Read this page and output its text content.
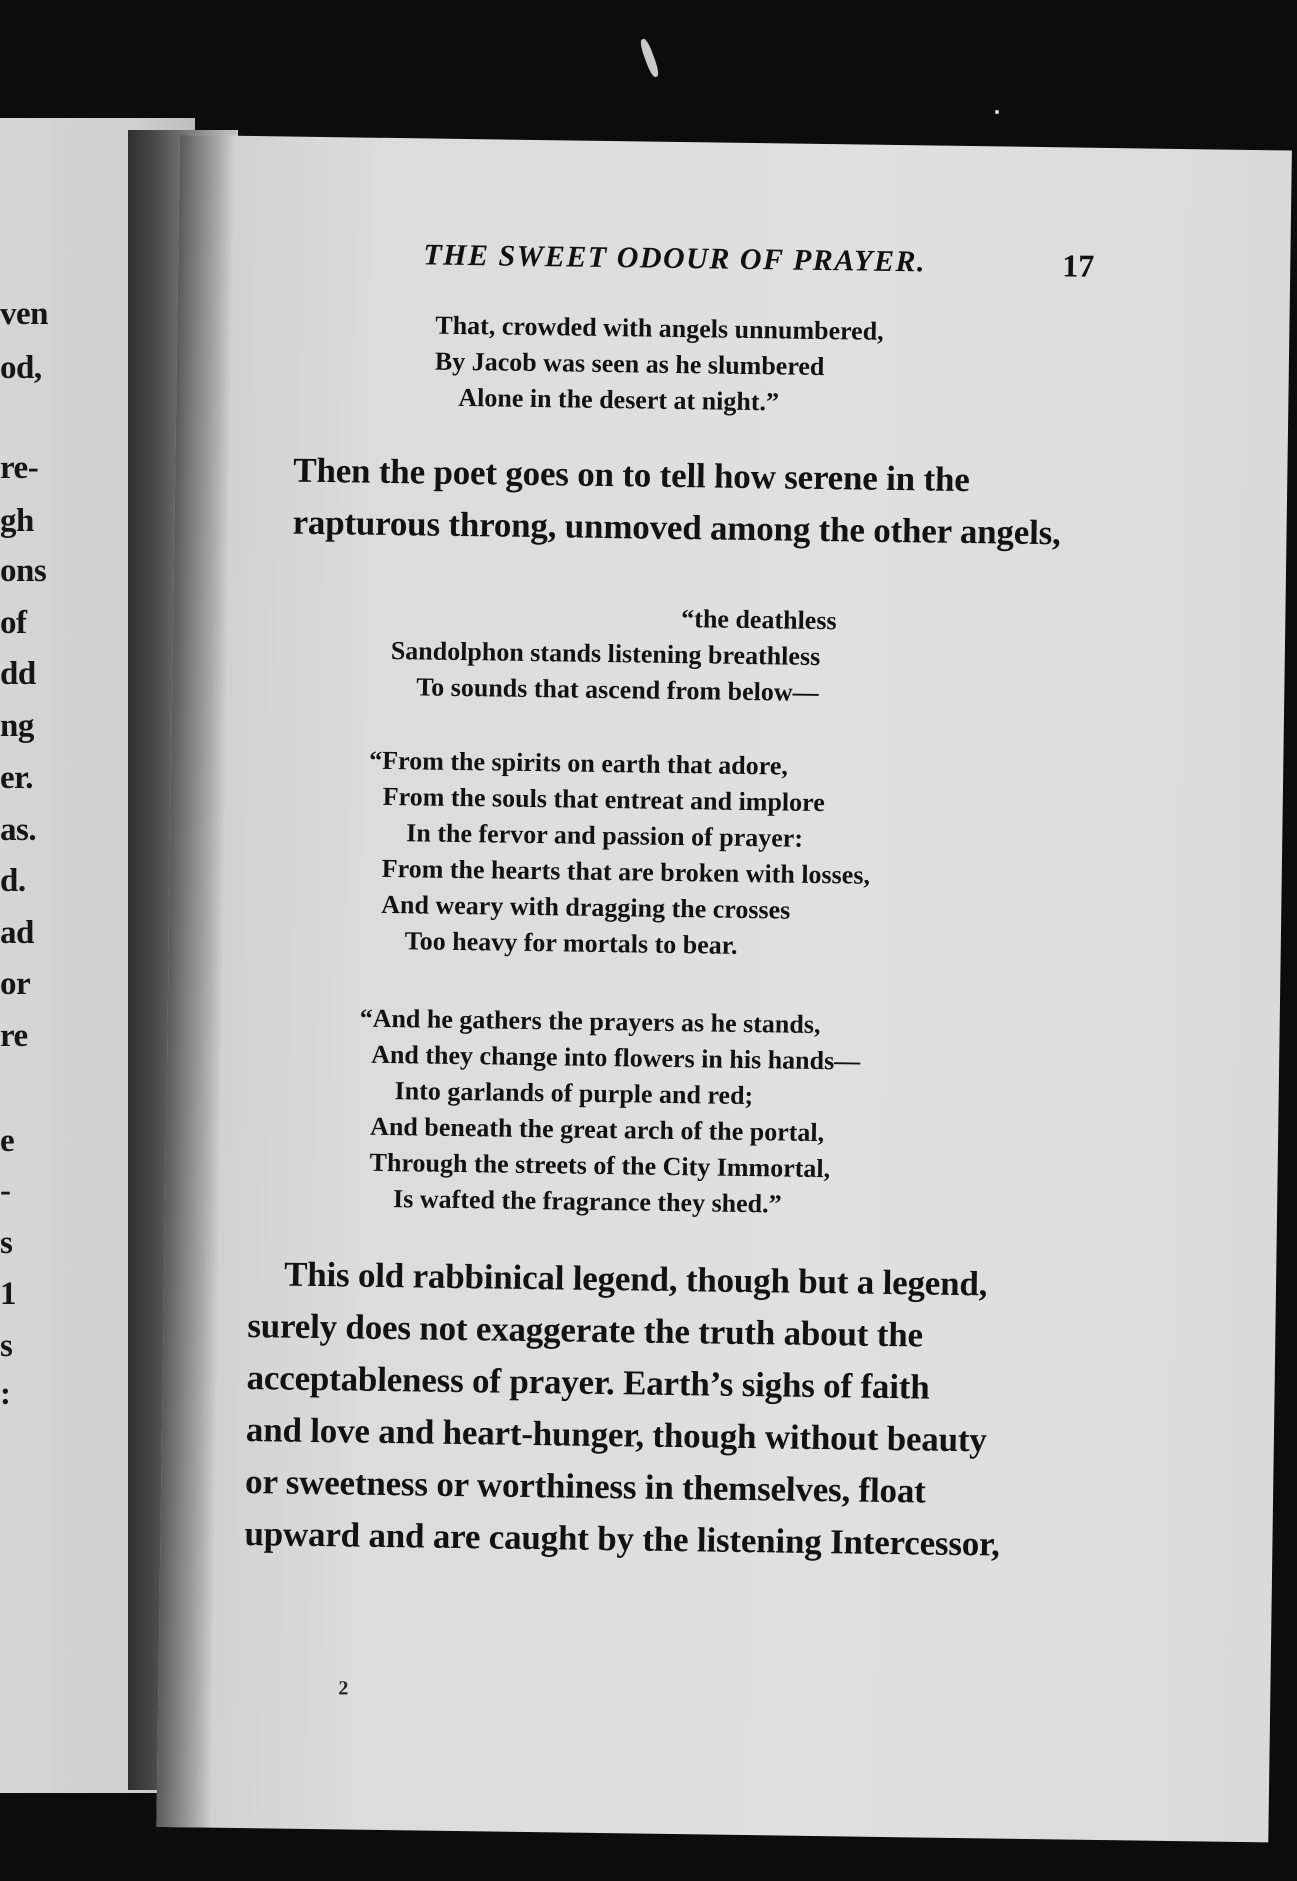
ven
od,
re-
gh
ons
of
dd
ng
er.
as.
d.
ad
or
re
e
-
s
1
s
:
THE SWEET ODOUR OF PRAYER.	17
That, crowded with angels unnumbered,
By Jacob was seen as he slumbered
Alone in the desert at night.”
Then the poet goes on to tell how serene in the
rapturous throng, unmoved among the other angels,
“the deathless
Sandolphon stands listening breathless
To sounds that ascend from below—
“From the spirits on earth that adore,
From the souls that entreat and implore
In the fervor and passion of prayer:
From the hearts that are broken with losses,
And weary with dragging the crosses
Too heavy for mortals to bear.
“And he gathers the prayers as he stands,
And they change into flowers in his hands—
Into garlands of purple and red;
And beneath the great arch of the portal,
Through the streets of the City Immortal,
Is wafted the fragrance they shed.”
This old rabbinical legend, though but a legend,
surely does not exaggerate the truth about the
acceptableness of prayer. Earth’s sighs of faith
and love and heart-hunger, though without beauty
or sweetness or worthiness in themselves, float
upward and are caught by the listening Intercessor,
2
